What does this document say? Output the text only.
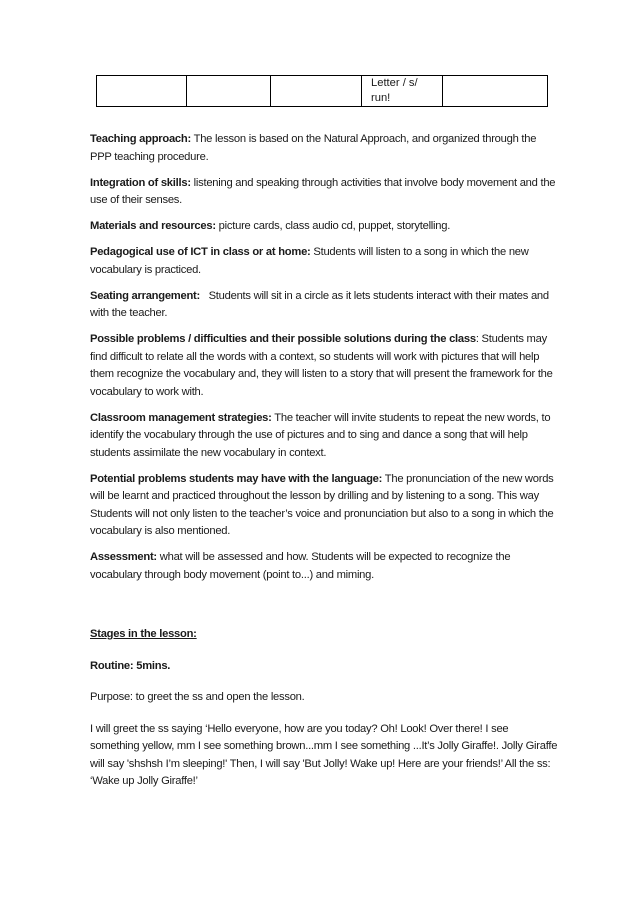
			Letter / s/ run!	

Teaching approach: The lesson is based on the Natural Approach, and organized through the PPP teaching procedure.

Integration of skills: listening and speaking through activities that involve body movement and the use of their senses.

Materials and resources: picture cards, class audio cd, puppet, storytelling.

Pedagogical use of ICT in class or at home: Students will listen to a song in which the new vocabulary is practiced.

Seating arrangement:   Students will sit in a circle as it lets students interact with their mates and with the teacher.

Possible problems / difficulties and their possible solutions during the class: Students may find difficult to relate all the words with a context, so students will work with pictures that will help them recognize the vocabulary and, they will listen to a story that will present the framework for the vocabulary to work with.

Classroom management strategies: The teacher will invite students to repeat the new words, to identify the vocabulary through the use of pictures and to sing and dance a song that will help students assimilate the new vocabulary in context.

Potential problems students may have with the language: The pronunciation of the new words will be learnt and practiced throughout the lesson by drilling and by listening to a song. This way Students will not only listen to the teacher’s voice and pronunciation but also to a song in which the vocabulary is also mentioned.

Assessment: what will be assessed and how. Students will be expected to recognize the vocabulary through body movement (point to...) and miming.

Stages in the lesson:

Routine: 5mins.

Purpose: to greet the ss and open the lesson.

I will greet the ss saying ‘Hello everyone, how are you today? Oh! Look! Over there! I see something yellow, mm I see something brown...mm I see something ...It’s Jolly Giraffe!. Jolly Giraffe will say 'shshsh I’m sleeping!' Then, I will say 'But Jolly! Wake up! Here are your friends!’ All the ss: ‘Wake up Jolly Giraffe!’
